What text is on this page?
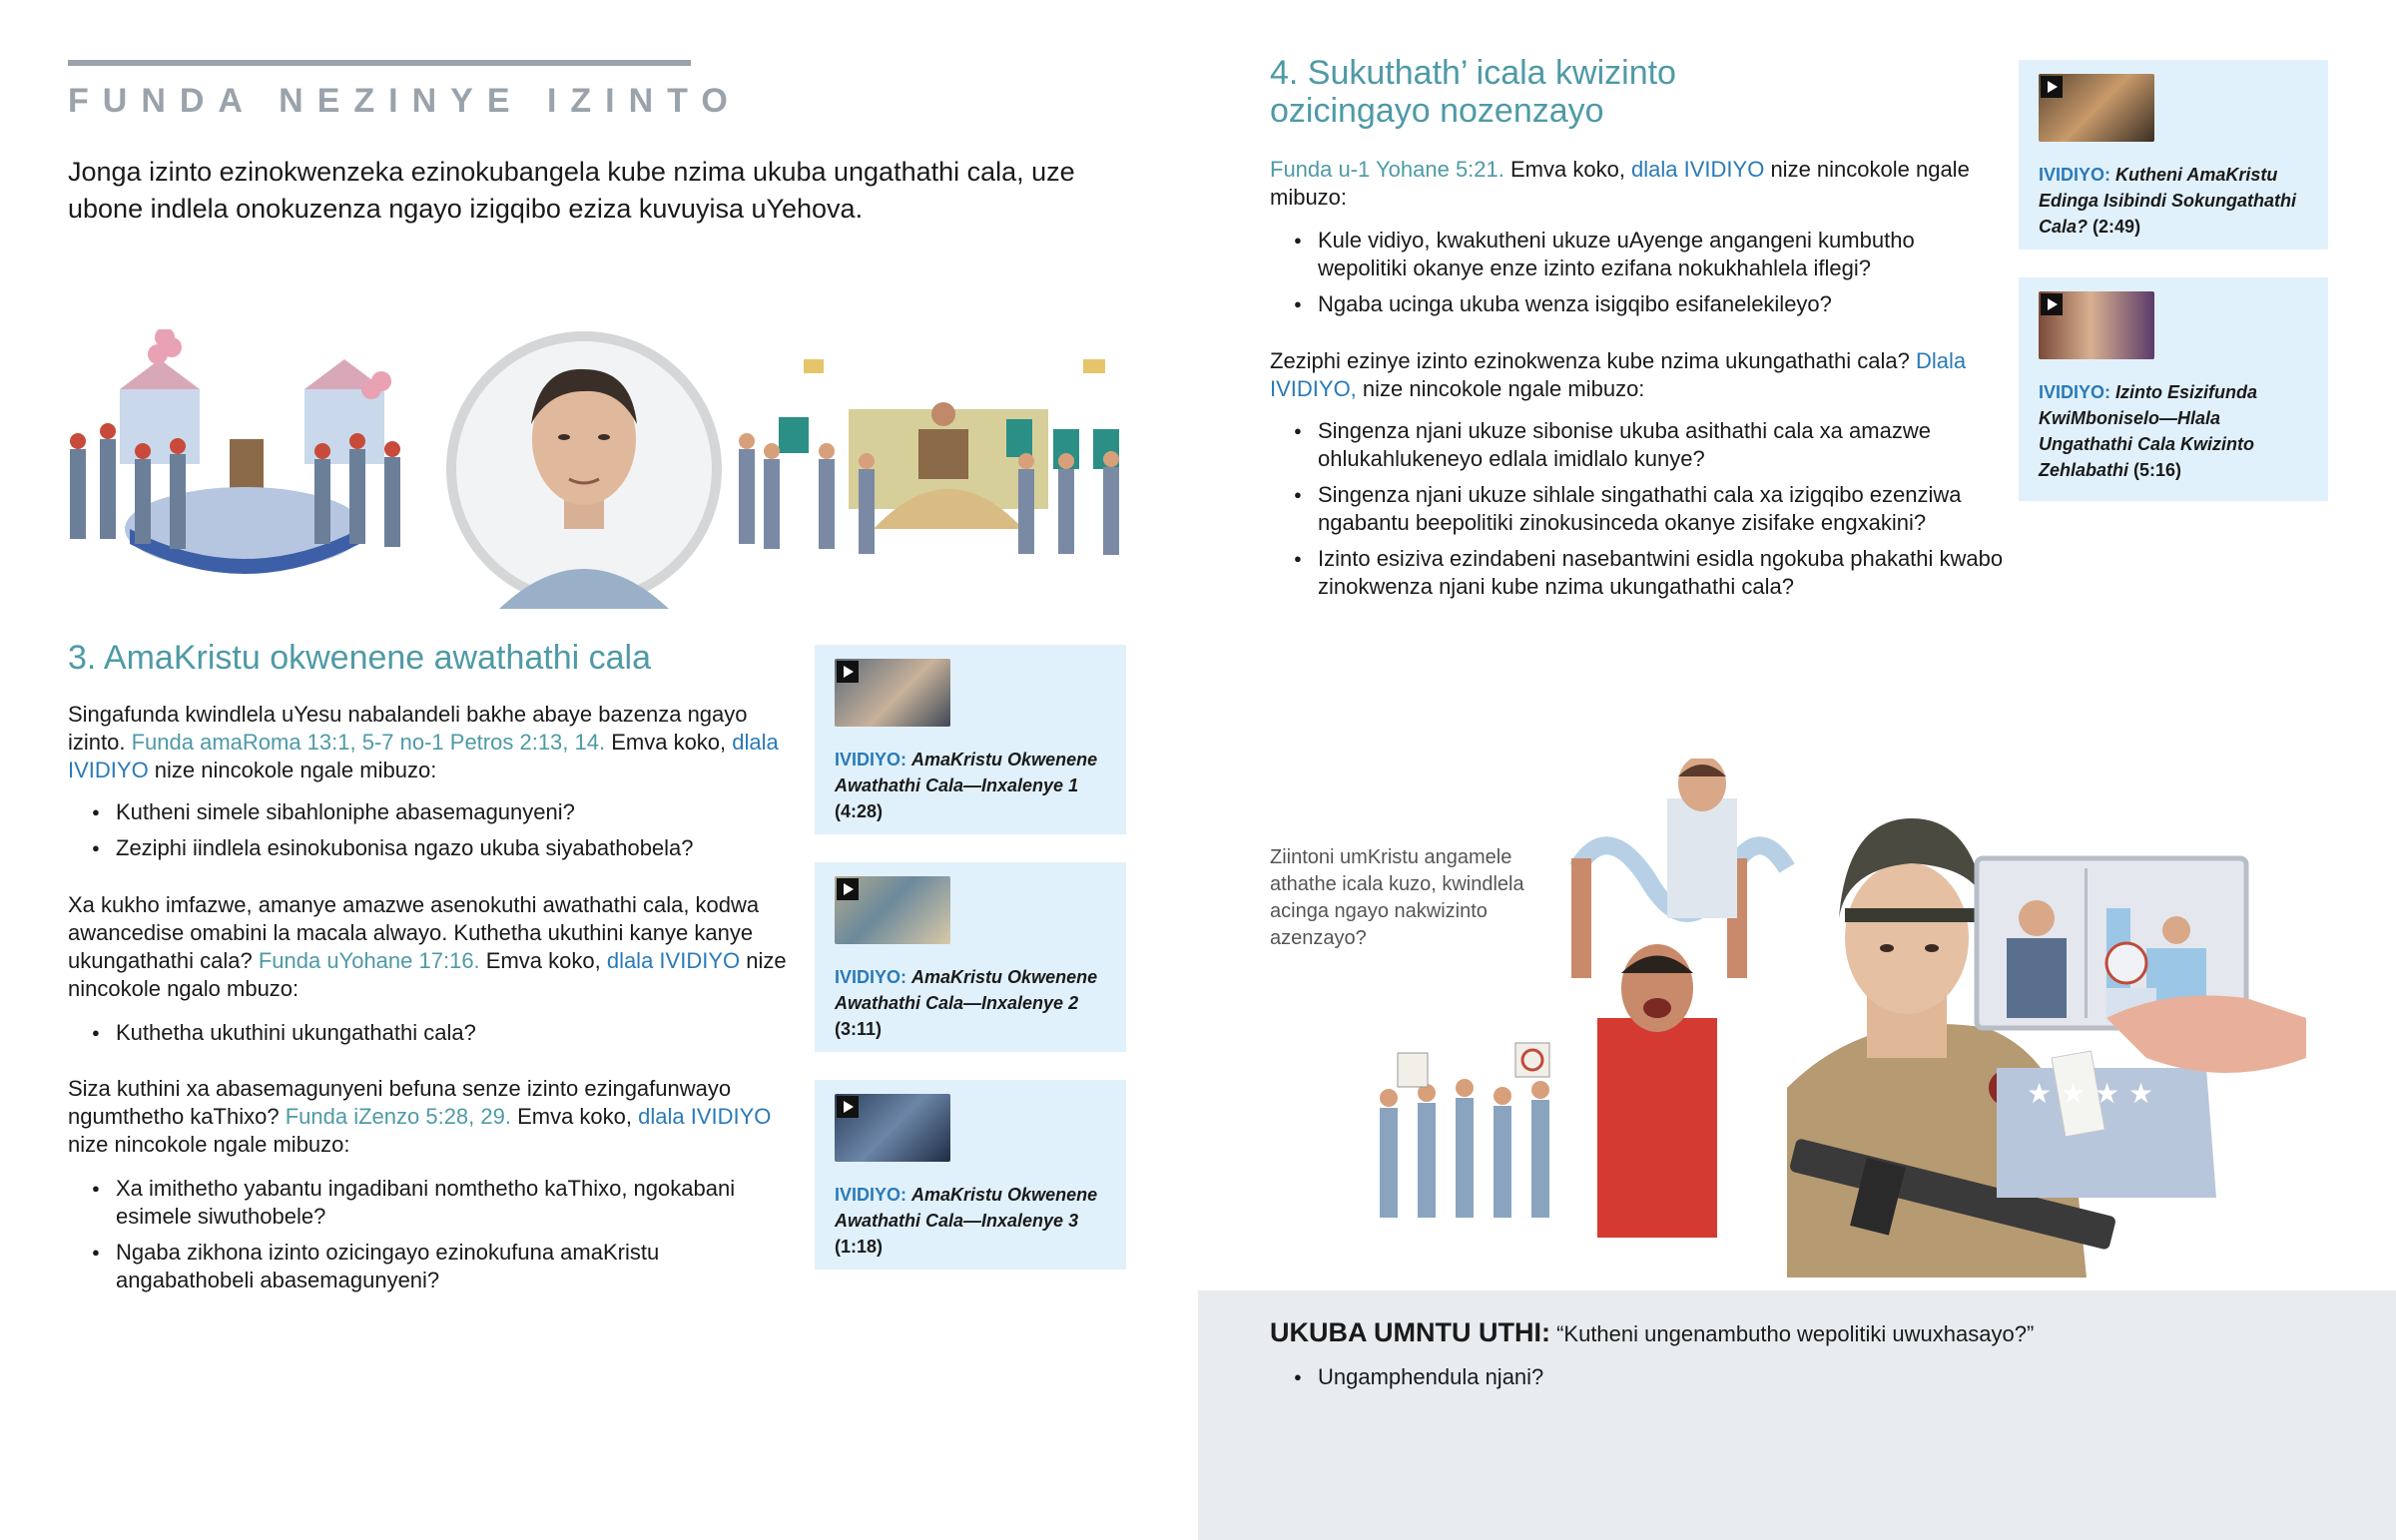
FUNDA NEZINYE IZINTO
Jonga izinto ezinokwenzeka ezinokubangela kube nzima ukuba ungathathi cala, uze ubone indlela onokuzenza ngayo izigqibo eziza kuvuyisa uYehova.
3. AmaKristu okwenene awathathi cala
Singafunda kwindlela uYesu nabalandeli bakhe abaye bazenza ngayo izinto. Funda amaRoma 13:1, 5-7 no-1 Petros 2:13, 14. Emva koko, dlala IVIDIYO nize nincokole ngale mibuzo:
● Kutheni simele sibahloniphe abasemagunyeni?
● Zeziphi iindlela esinokubonisa ngazo ukuba siyabathobela?
Xa kukho imfazwe, amanye amazwe asenokuthi awathathi cala, kodwa awancedise omabini la macala alwayo. Kuthetha ukuthini kanye kanye ukungathathi cala? Funda uYohane 17:16. Emva koko, dlala IVIDIYO nize nincokole ngalo mbuzo:
● Kuthetha ukuthini ukungathathi cala?
Siza kuthini xa abasemagunyeni befuna senze izinto ezingafunwayo ngumthetho kaThixo? Funda iZenzo 5:28, 29. Emva koko, dlala IVIDIYO nize nincokole ngale mibuzo:
● Xa imithetho yabantu ingadibani nomthetho kaThixo, ngokabani esimele siwuthobele?
● Ngaba zikhona izinto ozicingayo ezinokufuna amaKristu angabathobeli abasemagunyeni?
IVIDIYO: AmaKristu Okwenene Awathathi Cala—Inxalenye 1 (4:28)
IVIDIYO: AmaKristu Okwenene Awathathi Cala—Inxalenye 2 (3:11)
IVIDIYO: AmaKristu Okwenene Awathathi Cala—Inxalenye 3 (1:18)
4. Sukuthath’ icala kwizinto ozicingayo nozenzayo
Funda u-1 Yohane 5:21. Emva koko, dlala IVIDIYO nize nincokole ngale mibuzo:
● Kule vidiyo, kwakutheni ukuze uAyenge angangeni kumbutho wepolitiki okanye enze izinto ezifana nokukhahlela iflegi?
● Ngaba ucinga ukuba wenza isigqibo esifanelekileyo?
Zeziphi ezinye izinto ezinokwenza kube nzima ukungathathi cala? Dlala IVIDIYO, nize nincokole ngale mibuzo:
● Singenza njani ukuze sibonise ukuba asithathi cala xa amazwe ohlukahlukeneyo edlala imidlalo kunye?
● Singenza njani ukuze sihlale singathathi cala xa izigqibo ezenziwa ngabantu beepolitiki zinokusinceda okanye zisifake engxakini?
● Izinto esiziva ezindabeni nasebantwini esidla ngokuba phakathi kwabo zinokwenza njani kube nzima ukungathathi cala?
IVIDIYO: Kutheni AmaKristu Edinga Isibindi Sokungathathi Cala? (2:49)
IVIDIYO: Izinto Esizifunda KwiMboniselo—Hlala Ungathathi Cala Kwizinto Zehlabathi (5:16)
Ziintoni umKristu angamele athathe icala kuzo, kwindlela acinga ngayo nakwizinto azenzayo?
★ ★ ★ ★
UKUBA UMNTU UTHI: “Kutheni ungenambutho wepolitiki uwuxhasayo?”
● Ungamphendula njani?
